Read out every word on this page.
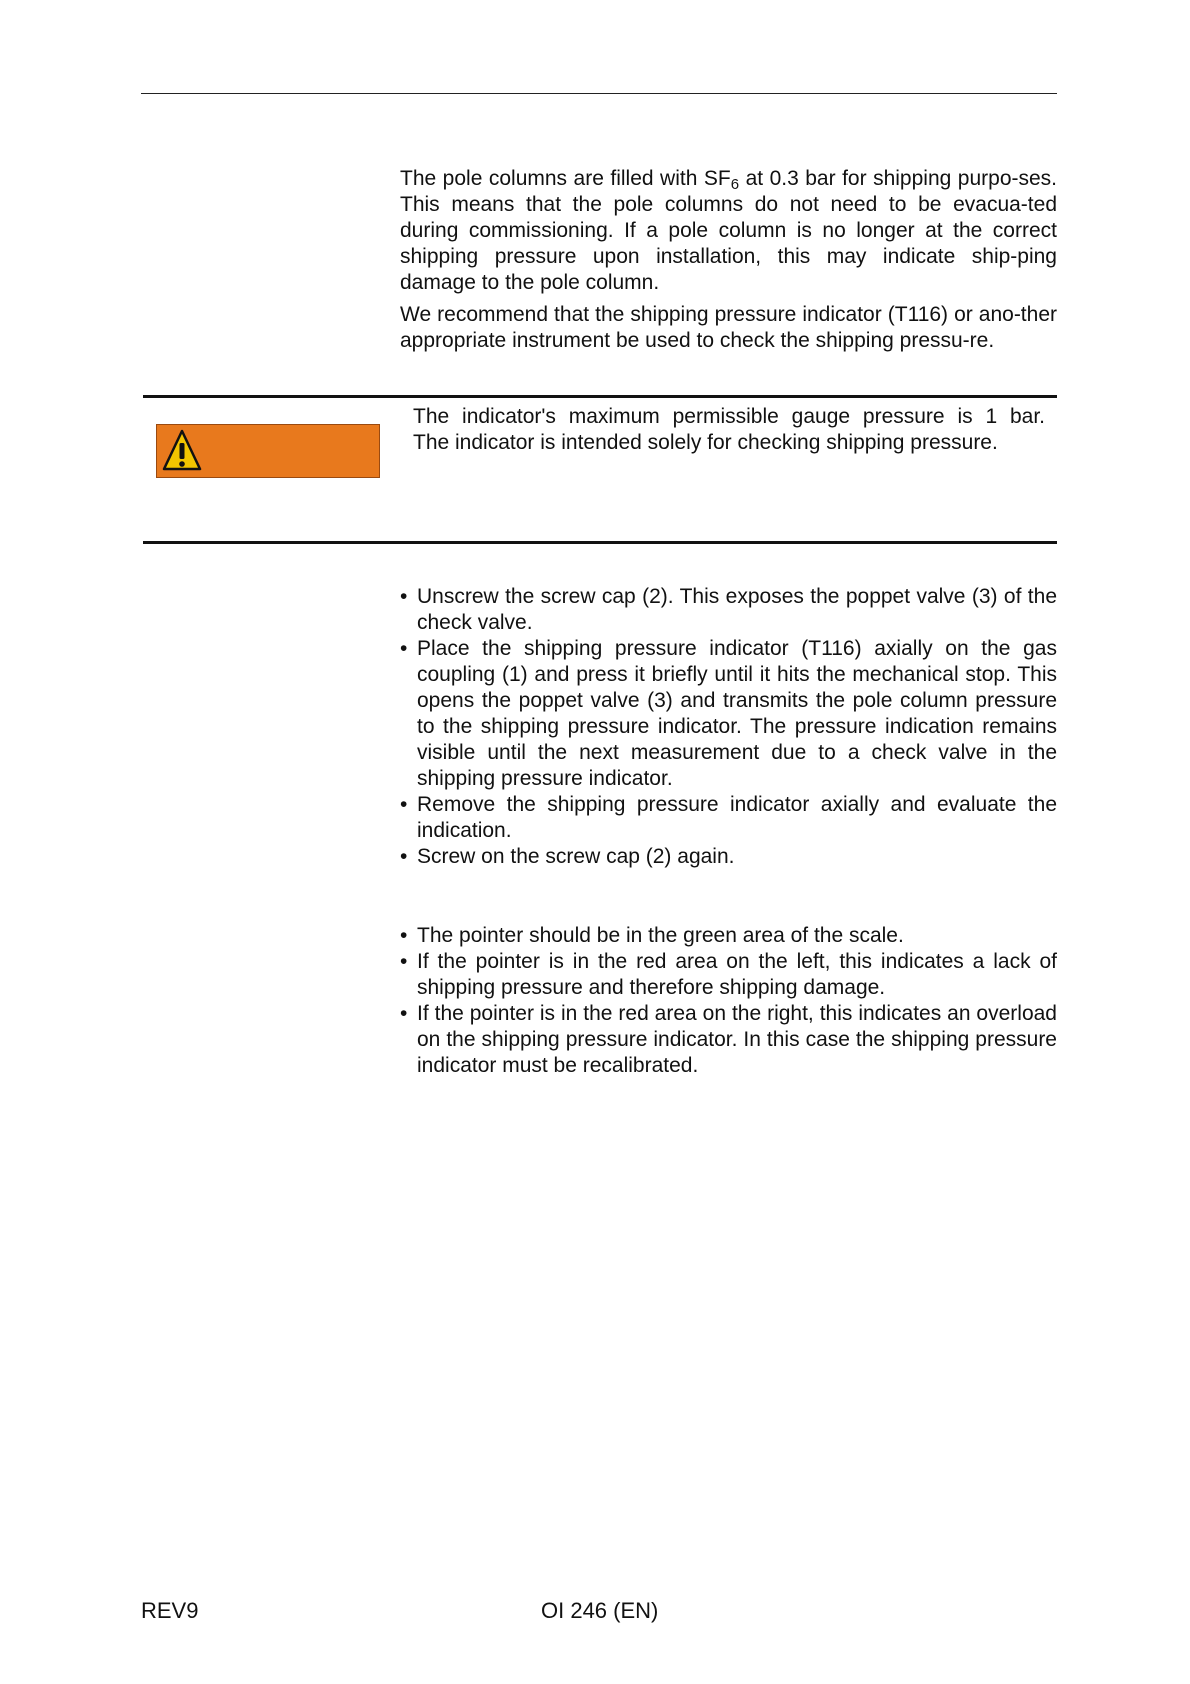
The pole columns are filled with $SF_6$ at 0.3 bar for shipping purpo-ses. This means that the pole columns do not need to be evacua-ted during commissioning. If a pole column is no longer at the correct shipping pressure upon installation, this may indicate ship-ping damage to the pole column.

We recommend that the shipping pressure indicator (T116) or ano-ther appropriate instrument be used to check the shipping pressu-re.

The indicator's maximum permissible gauge pressure is 1 bar.
The indicator is intended solely for checking shipping pressure.
• Unscrew the screw cap (2). This exposes the poppet valve (3) of the check valve.
• Place the shipping pressure indicator (T116) axially on the gas coupling (1) and press it briefly until it hits the mechanical stop. This opens the poppet valve (3) and transmits the pole column pressure to the shipping pressure indicator. The pressure indication remains visible until the next measurement due to a check valve in the shipping pressure indicator.
• Remove the shipping pressure indicator axially and evaluate the indication.
• Screw on the screw cap (2) again.
• The pointer should be in the green area of the scale.
• If the pointer is in the red area on the left, this indicates a lack of shipping pressure and therefore shipping damage.
• If the pointer is in the red area on the right, this indicates an overload on the shipping pressure indicator. In this case the shipping pressure indicator must be recalibrated.
REV9	OI 246 (EN)
